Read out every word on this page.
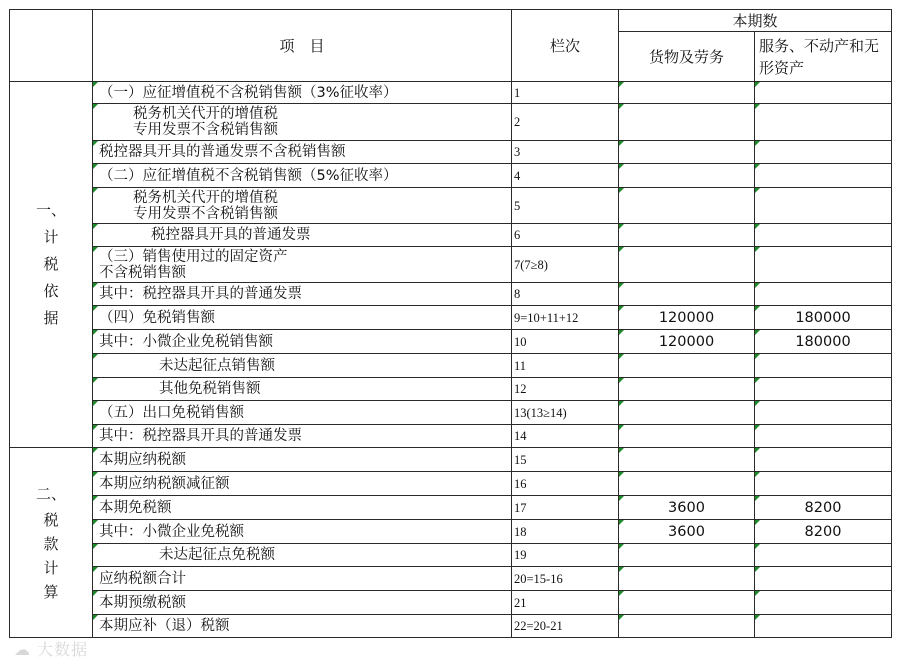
	项　目	栏次	本期数	
			货物及劳务	服务、不动产和无形资产

一、
计税依据	（一）应征增值税不含税销售额（3%征收率）	1		
	税务机关代开的增值税
专用发票不含税销售额	2		
	税控器具开具的普通发票不含税销售额	3		
	（二）应征增值税不含税销售额（5%征收率）	4		
	税务机关代开的增值税
专用发票不含税销售额	5		
	税控器具开具的普通发票	6		
	（三）销售使用过的固定资产
不含税销售额	7(7≥8)		
	其中：税控器具开具的普通发票	8		
	（四）免税销售额	9=10+11+12	120000	180000
	其中：小微企业免税销售额	10	120000	180000
	未达起征点销售额	11		
	其他免税销售额	12		
	（五）出口免税销售额	13(13≥14)		
	其中：税控器具开具的普通发票	14		

二、
税款计算	本期应纳税额	15		
	本期应纳税额减征额	16		
	本期免税额	17	3600	8200
	其中：小微企业免税额	18	3600	8200
	未达起征点免税额	19		
	应纳税额合计	20=15-16		
	本期预缴税额	21		
	本期应补（退）税额	22=20-21		
☁ 大数据
